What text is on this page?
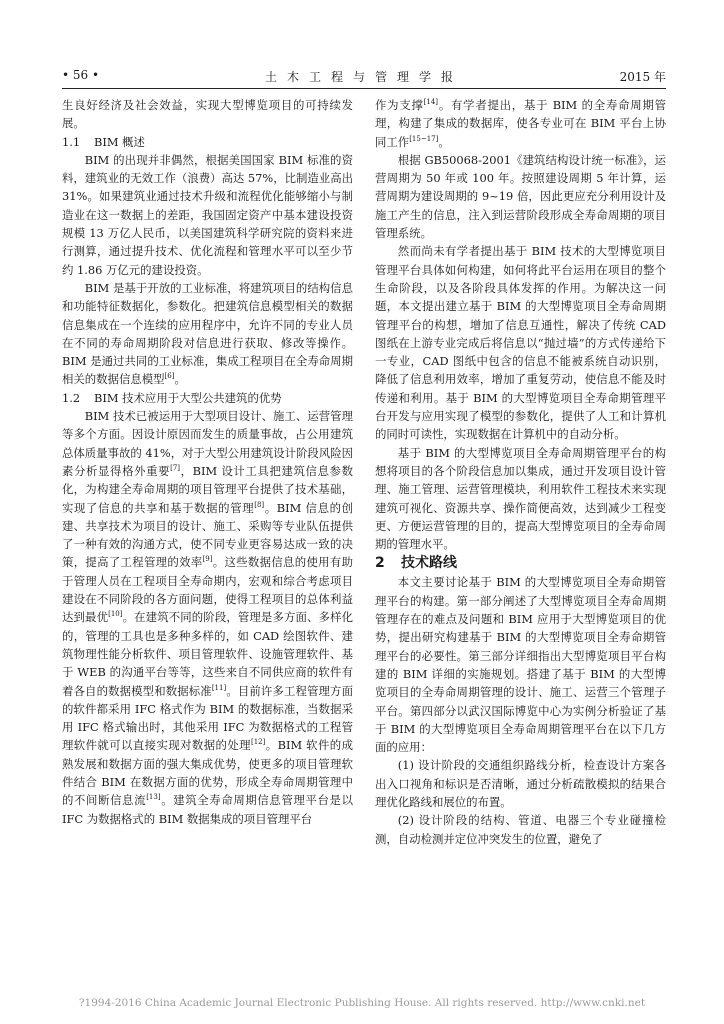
• 56 •	土木工程与管理学报	2015 年

生良好经济及社会效益，实现大型博览项目的可持续发展。

1.1 BIM 概述

BIM 的出现并非偶然，根据美国国家 BIM 标准的资料，建筑业的无效工作（浪费）高达 57%，比制造业高出 31%。如果建筑业通过技术升级和流程优化能够缩小与制造业在这一数据上的差距，我国固定资产中基本建设投资规模 13 万亿人民币，以美国建筑科学研究院的资料来进行测算，通过提升技术、优化流程和管理水平可以至少节约 1.86 万亿元的建设投资。

BIM 是基于开放的工业标准，将建筑项目的结构信息和功能特征数据化，参数化。把建筑信息模型相关的数据信息集成在一个连续的应用程序中，允许不同的专业人员在不同的寿命周期阶段对信息进行获取、修改等操作。BIM 是通过共同的工业标准，集成工程项目在全寿命周期相关的数据信息模型[6]。

1.2 BIM 技术应用于大型公共建筑的优势

BIM 技术已被运用于大型项目设计、施工、运营管理等多个方面。因设计原因而发生的质量事故，占公用建筑总体质量事故的 41%，对于大型公用建筑设计阶段风险因素分析显得格外重要[7]，BIM 设计工具把建筑信息参数化，为构建全寿命周期的项目管理平台提供了技术基础，实现了信息的共享和基于数据的管理[8]。BIM 信息的创建、共享技术为项目的设计、施工、采购等专业队伍提供了一种有效的沟通方式，使不同专业更容易达成一致的决策，提高了工程管理的效率[9]。这些数据信息的使用有助于管理人员在工程项目全寿命期内，宏观和综合考虑项目建设在不同阶段的各方面问题，使得工程项目的总体利益达到最优[10]。在建筑不同的阶段，管理是多方面、多样化的，管理的工具也是多种多样的，如 CAD 绘图软件、建筑物理性能分析软件、项目管理软件、设施管理软件、基于 WEB 的沟通平台等等，这些来自不同供应商的软件有着各自的数据模型和数据标准[11]。目前许多工程管理方面的软件都采用 IFC 格式作为 BIM 的数据标准，当数据采用 IFC 格式输出时，其他采用 IFC 为数据格式的工程管理软件就可以直接实现对数据的处理[12]。BIM 软件的成熟发展和数据方面的强大集成优势，使更多的项目管理软件结合 BIM 在数据方面的优势，形成全寿命周期管理中的不间断信息流[13]。建筑全寿命周期信息管理平台是以 IFC 为数据格式的 BIM 数据集成的项目管理平台

作为支撑[14]。有学者提出，基于 BIM 的全寿命周期管理，构建了集成的数据库，使各专业可在 BIM 平台上协同工作[15~17]。

根据 GB50068-2001《建筑结构设计统一标准》，运营周期为 50 年或 100 年。按照建设周期 5 年计算，运营周期为建设周期的 9~19 倍，因此更应充分利用设计及施工产生的信息，注入到运营阶段形成全寿命周期的项目管理系统。

然而尚未有学者提出基于 BIM 技术的大型博览项目管理平台具体如何构建，如何将此平台运用在项目的整个生命阶段，以及各阶段具体发挥的作用。为解决这一问题，本文提出建立基于 BIM 的大型博览项目全寿命周期管理平台的构想，增加了信息互通性，解决了传统 CAD 图纸在上游专业完成后将信息以“抛过墙”的方式传递给下一专业，CAD 图纸中包含的信息不能被系统自动识别，降低了信息利用效率，增加了重复劳动，使信息不能及时传递和利用。基于 BIM 的大型博览项目全寿命期管理平台开发与应用实现了模型的参数化，提供了人工和计算机的同时可读性，实现数据在计算机中的自动分析。

基于 BIM 的大型博览项目全寿命周期管理平台的构想将项目的各个阶段信息加以集成，通过开发项目设计管理、施工管理、运营管理模块，利用软件工程技术来实现建筑可视化、资源共享、操作简便高效，达到减少工程变更、方便运营管理的目的，提高大型博览项目的全寿命周期的管理水平。

2 技术路线

本文主要讨论基于 BIM 的大型博览项目全寿命期管理平台的构建。第一部分阐述了大型博览项目全寿命周期管理存在的难点及问题和 BIM 应用于大型博览项目的优势，提出研究构建基于 BIM 的大型博览项目全寿命期管理平台的必要性。第三部分详细指出大型博览项目平台构建的 BIM 详细的实施规划。搭建了基于 BIM 的大型博览项目的全寿命周期管理的设计、施工、运营三个管理子平台。第四部分以武汉国际博览中心为实例分析验证了基于 BIM 的大型博览项目全寿命周期管理平台在以下几方面的应用：

(1) 设计阶段的交通组织路线分析，检查设计方案各出入口视角和标识是否清晰，通过分析疏散模拟的结果合理优化路线和展位的布置。

(2) 设计阶段的结构、管道、电器三个专业碰撞检测，自动检测并定位冲突发生的位置，避免了

?1994-2016 China Academic Journal Electronic Publishing House. All rights reserved. http://www.cnki.net
